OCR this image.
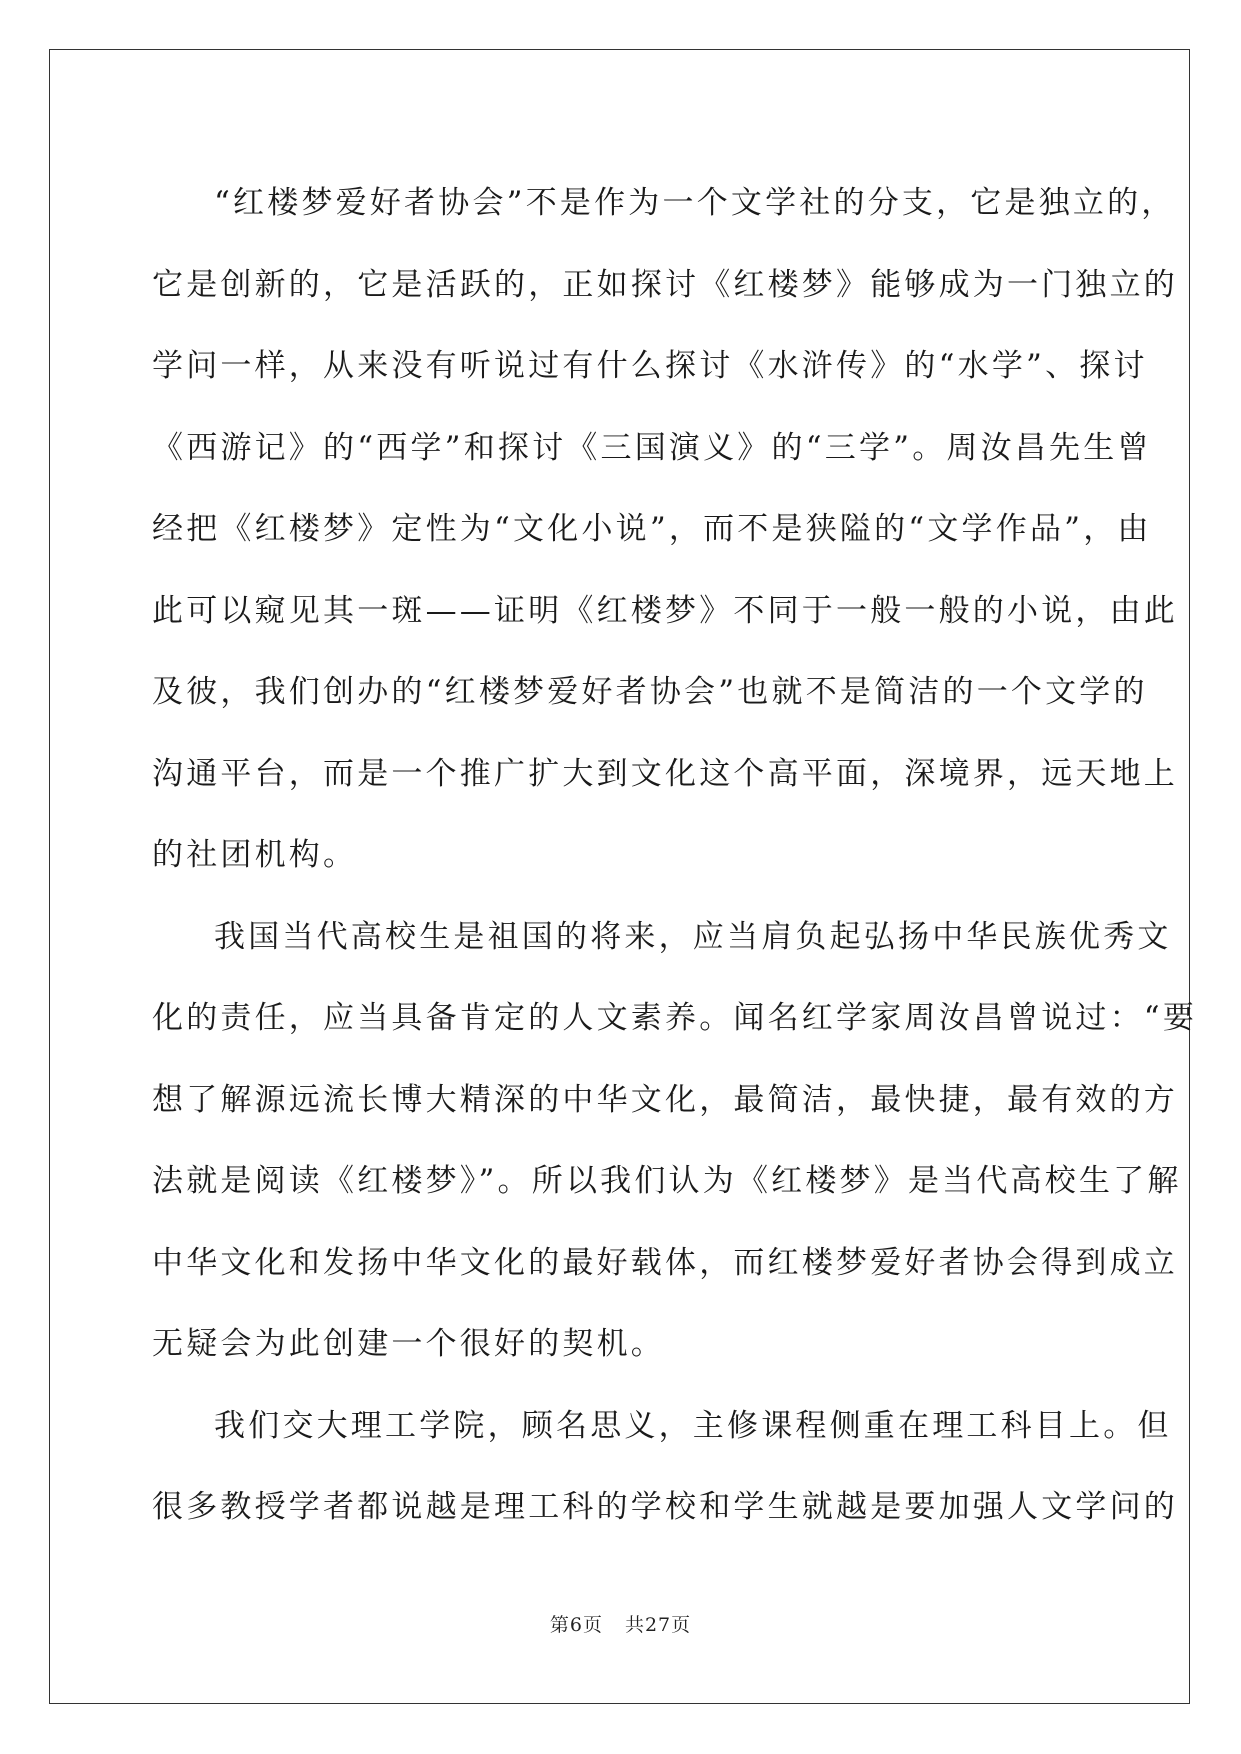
“红楼梦爱好者协会”不是作为一个文学社的分支，它是独立的，
它是创新的，它是活跃的，正如探讨《红楼梦》能够成为一门独立的
学问一样，从来没有听说过有什么探讨《水浒传》的“水学”、探讨
《西游记》的“西学”和探讨《三国演义》的“三学”。周汝昌先生曾
经把《红楼梦》定性为“文化小说”，而不是狭隘的“文学作品”，由
此可以窥见其一斑——证明《红楼梦》不同于一般一般的小说，由此
及彼，我们创办的“红楼梦爱好者协会”也就不是简洁的一个文学的
沟通平台，而是一个推广扩大到文化这个高平面，深境界，远天地上
的社团机构。
我国当代高校生是祖国的将来，应当肩负起弘扬中华民族优秀文
化的责任，应当具备肯定的人文素养。闻名红学家周汝昌曾说过：“要
想了解源远流长博大精深的中华文化，最简洁，最快捷，最有效的方
法就是阅读《红楼梦》”。所以我们认为《红楼梦》是当代高校生了解
中华文化和发扬中华文化的最好载体，而红楼梦爱好者协会得到成立
无疑会为此创建一个很好的契机。
我们交大理工学院，顾名思义，主修课程侧重在理工科目上。但
很多教授学者都说越是理工科的学校和学生就越是要加强人文学问的
第6页 共27页
